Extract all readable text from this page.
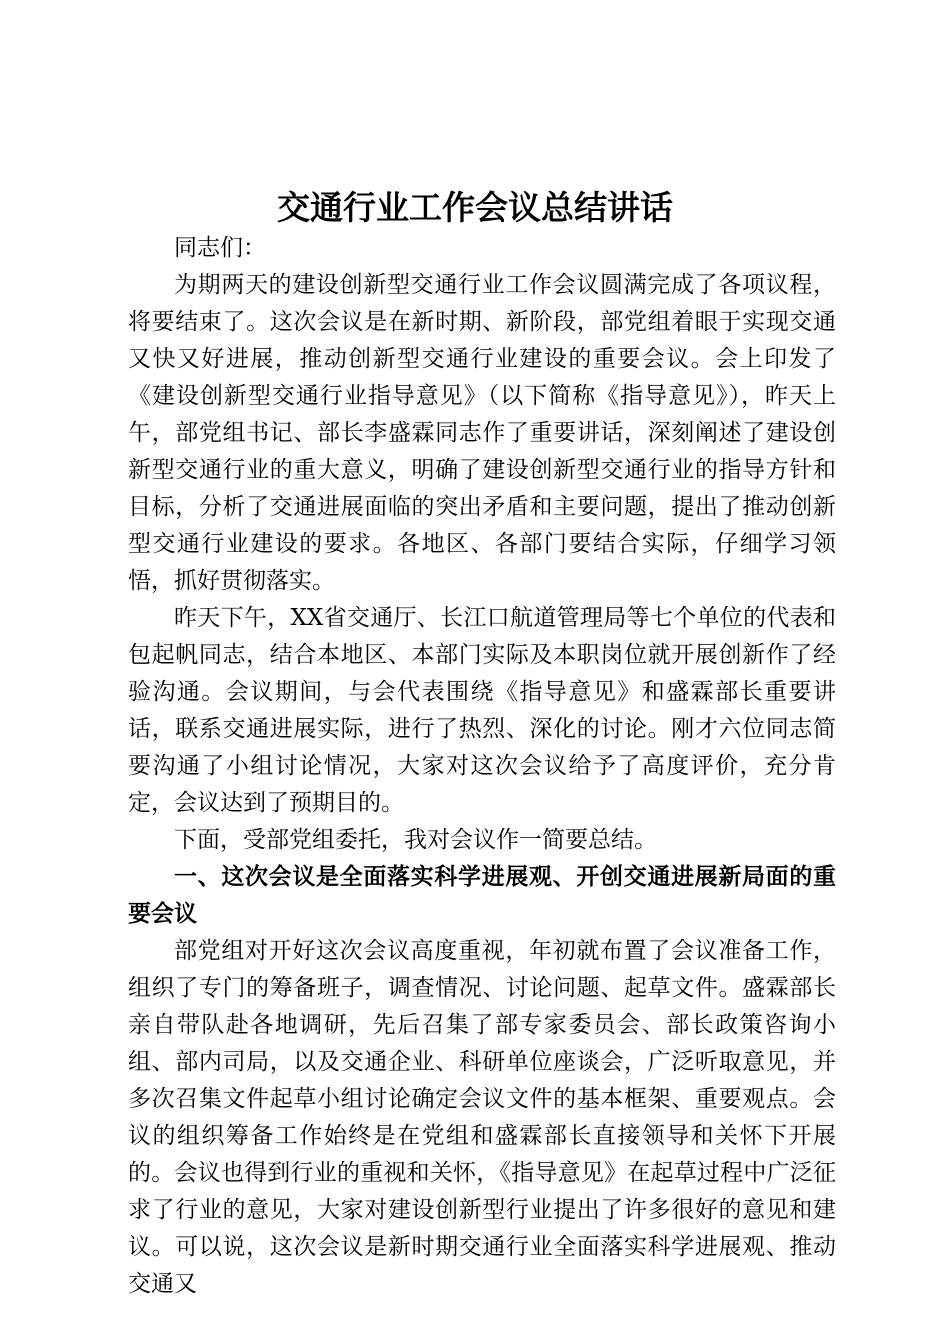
交通行业工作会议总结讲话

同志们：

为期两天的建设创新型交通行业工作会议圆满完成了各项议程，将要结束了。这次会议是在新时期、新阶段，部党组着眼于实现交通又快又好进展，推动创新型交通行业建设的重要会议。会上印发了《建设创新型交通行业指导意见》（以下简称《指导意见》），昨天上午，部党组书记、部长李盛霖同志作了重要讲话，深刻阐述了建设创新型交通行业的重大意义，明确了建设创新型交通行业的指导方针和目标，分析了交通进展面临的突出矛盾和主要问题，提出了推动创新型交通行业建设的要求。各地区、各部门要结合实际，仔细学习领悟，抓好贯彻落实。

昨天下午，XX省交通厅、长江口航道管理局等七个单位的代表和包起帆同志，结合本地区、本部门实际及本职岗位就开展创新作了经验沟通。会议期间，与会代表围绕《指导意见》和盛霖部长重要讲话，联系交通进展实际，进行了热烈、深化的讨论。刚才六位同志简要沟通了小组讨论情况，大家对这次会议给予了高度评价，充分肯定，会议达到了预期目的。

下面，受部党组委托，我对会议作一简要总结。

一、这次会议是全面落实科学进展观、开创交通进展新局面的重要会议

部党组对开好这次会议高度重视，年初就布置了会议准备工作，组织了专门的筹备班子，调查情况、讨论问题、起草文件。盛霖部长亲自带队赴各地调研，先后召集了部专家委员会、部长政策咨询小组、部内司局，以及交通企业、科研单位座谈会，广泛听取意见，并多次召集文件起草小组讨论确定会议文件的基本框架、重要观点。会议的组织筹备工作始终是在党组和盛霖部长直接领导和关怀下开展的。会议也得到行业的重视和关怀，《指导意见》在起草过程中广泛征求了行业的意见，大家对建设创新型行业提出了许多很好的意见和建议。可以说，这次会议是新时期交通行业全面落实科学进展观、推动交通又
